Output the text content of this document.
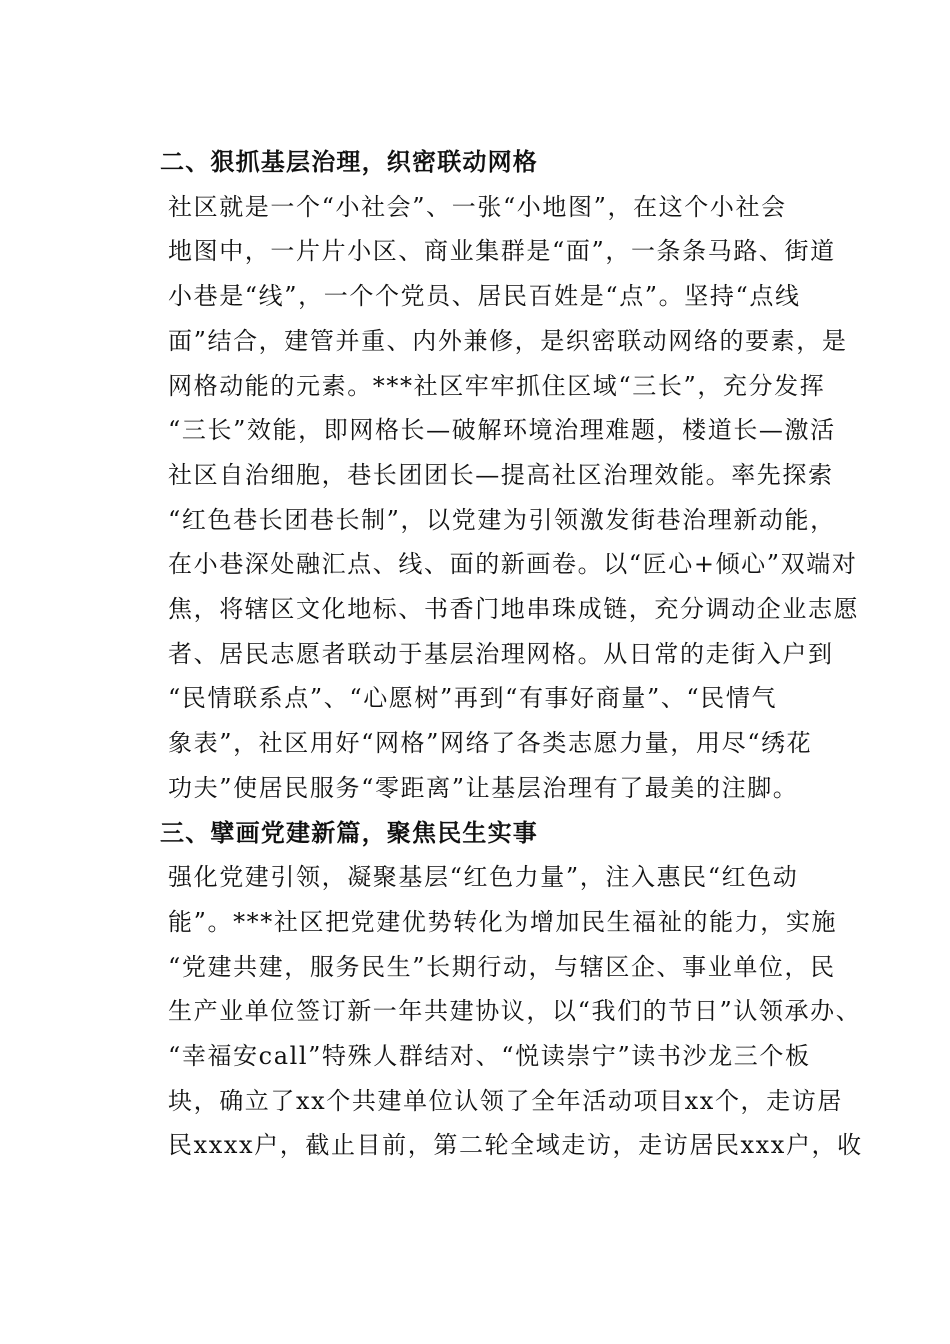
二、狠抓基层治理，织密联动网格

社区就是一个“小社会”、一张“小地图”，在这个小社会
地图中，一片片小区、商业集群是“面”，一条条马路、街道
小巷是“线”，一个个党员、居民百姓是“点”。坚持“点线
面”结合，建管并重、内外兼修，是织密联动网络的要素，是
网格动能的元素。***社区牢牢抓住区域“三长”，充分发挥
“三长”效能，即网格长—破解环境治理难题，楼道长—激活
社区自治细胞，巷长团团长—提高社区治理效能。率先探索
“红色巷长团巷长制”，以党建为引领激发街巷治理新动能，
在小巷深处融汇点、线、面的新画卷。以“匠心+倾心”双端对
焦，将辖区文化地标、书香门地串珠成链，充分调动企业志愿
者、居民志愿者联动于基层治理网格。从日常的走街入户到
“民情联系点”、“心愿树”再到“有事好商量”、“民情气
象表”，社区用好“网格”网络了各类志愿力量，用尽“绣花
功夫”使居民服务“零距离”让基层治理有了最美的注脚。

三、擘画党建新篇，聚焦民生实事

强化党建引领，凝聚基层“红色力量”，注入惠民“红色动
能”。***社区把党建优势转化为增加民生福祉的能力，实施
“党建共建，服务民生”长期行动，与辖区企、事业单位，民
生产业单位签订新一年共建协议，以“我们的节日”认领承办、
“幸福安call”特殊人群结对、“悦读崇宁”读书沙龙三个板
块，确立了xx个共建单位认领了全年活动项目xx个，走访居
民xxxx户，截止目前，第二轮全域走访，走访居民xxx户，收
